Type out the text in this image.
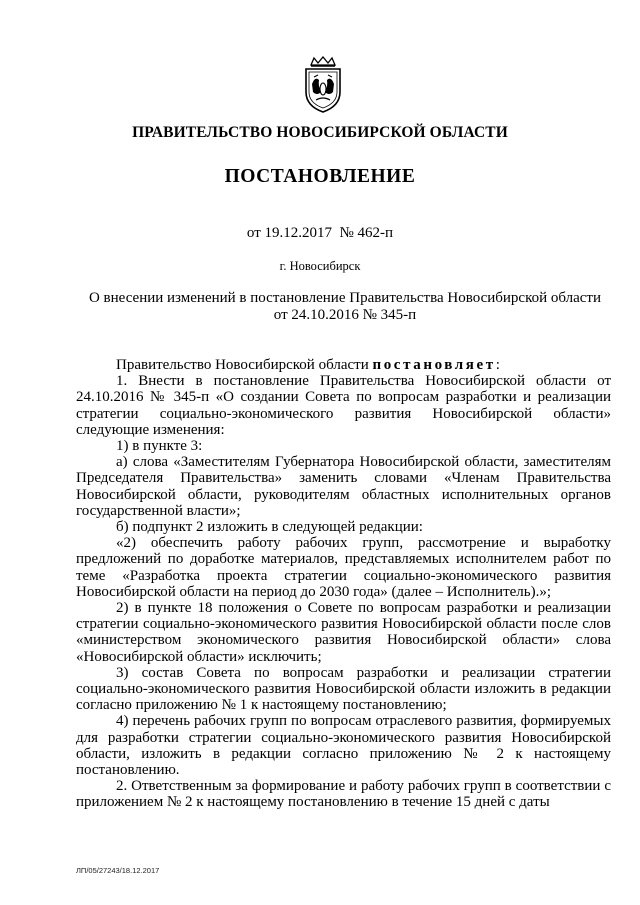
ПРАВИТЕЛЬСТВО НОВОСИБИРСКОЙ ОБЛАСТИ
ПОСТАНОВЛЕНИЕ
от 19.12.2017  № 462-п
г. Новосибирск
О внесении изменений в постановление Правительства Новосибирской области
от 24.10.2016 № 345-п

Правительство Новосибирской области постановляет:

1. Внести в постановление Правительства Новосибирской области от 24.10.2016 № 345-п «О создании Совета по вопросам разработки и реализации стратегии социально-экономического развития Новосибирской области» следующие изменения:

1) в пункте 3:

а) слова «Заместителям Губернатора Новосибирской области, заместителям Председателя Правительства» заменить словами «Членам Правительства Новосибирской области, руководителям областных исполнительных органов государственной власти»;

б) подпункт 2 изложить в следующей редакции:

«2) обеспечить работу рабочих групп, рассмотрение и выработку предложений по доработке материалов, представляемых исполнителем работ по теме «Разработка проекта стратегии социально-экономического развития Новосибирской области на период до 2030 года» (далее – Исполнитель).»;

2) в пункте 18 положения о Совете по вопросам разработки и реализации стратегии социально-экономического развития Новосибирской области после слов «министерством экономического развития Новосибирской области» слова «Новосибирской области» исключить;

3) состав Совета по вопросам разработки и реализации стратегии социально-экономического развития Новосибирской области изложить в редакции согласно приложению № 1 к настоящему постановлению;

4) перечень рабочих групп по вопросам отраслевого развития, формируемых для разработки стратегии социально-экономического развития Новосибирской области, изложить в редакции согласно приложению № 2 к настоящему постановлению.

2. Ответственным за формирование и работу рабочих групп в соответствии с приложением № 2 к настоящему постановлению в течение 15 дней с даты

ЛП/05/27243/18.12.2017
